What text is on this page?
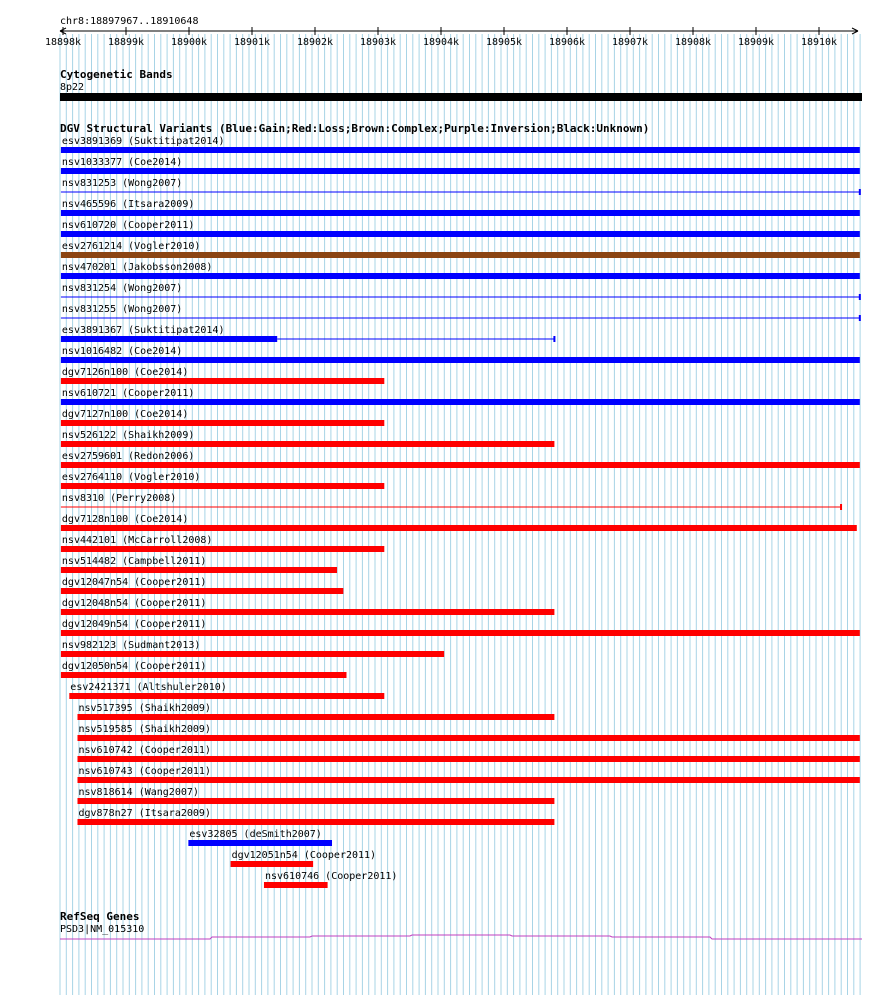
chr8:18897967..18910648
18898k	18899k	18900k	18901k	18902k	18903k	18904k	18905k	18906k	18907k	18908k	18909k	18910k
Cytogenetic Bands
8p22
DGV Structural Variants (Blue:Gain;Red:Loss;Brown:Complex;Purple:Inversion;Black:Unknown)
esv3891369 (Suktitipat2014)
nsv1033377 (Coe2014)
nsv831253 (Wong2007)
nsv465596 (Itsara2009)
nsv610720 (Cooper2011)
esv2761214 (Vogler2010)
nsv470201 (Jakobsson2008)
nsv831254 (Wong2007)
nsv831255 (Wong2007)
esv3891367 (Suktitipat2014)
nsv1016482 (Coe2014)
dgv7126n100 (Coe2014)
nsv610721 (Cooper2011)
dgv7127n100 (Coe2014)
nsv526122 (Shaikh2009)
esv2759601 (Redon2006)
esv2764110 (Vogler2010)
nsv8310 (Perry2008)
dgv7128n100 (Coe2014)
nsv442101 (McCarroll2008)
nsv514482 (Campbell2011)
dgv12047n54 (Cooper2011)
dgv12048n54 (Cooper2011)
dgv12049n54 (Cooper2011)
nsv982123 (Sudmant2013)
dgv12050n54 (Cooper2011)
esv2421371 (Altshuler2010)
nsv517395 (Shaikh2009)
nsv519585 (Shaikh2009)
nsv610742 (Cooper2011)
nsv610743 (Cooper2011)
nsv818614 (Wang2007)
dgv878n27 (Itsara2009)
esv32805 (deSmith2007)
dgv12051n54 (Cooper2011)
nsv610746 (Cooper2011)
RefSeq Genes
PSD3|NM_015310
